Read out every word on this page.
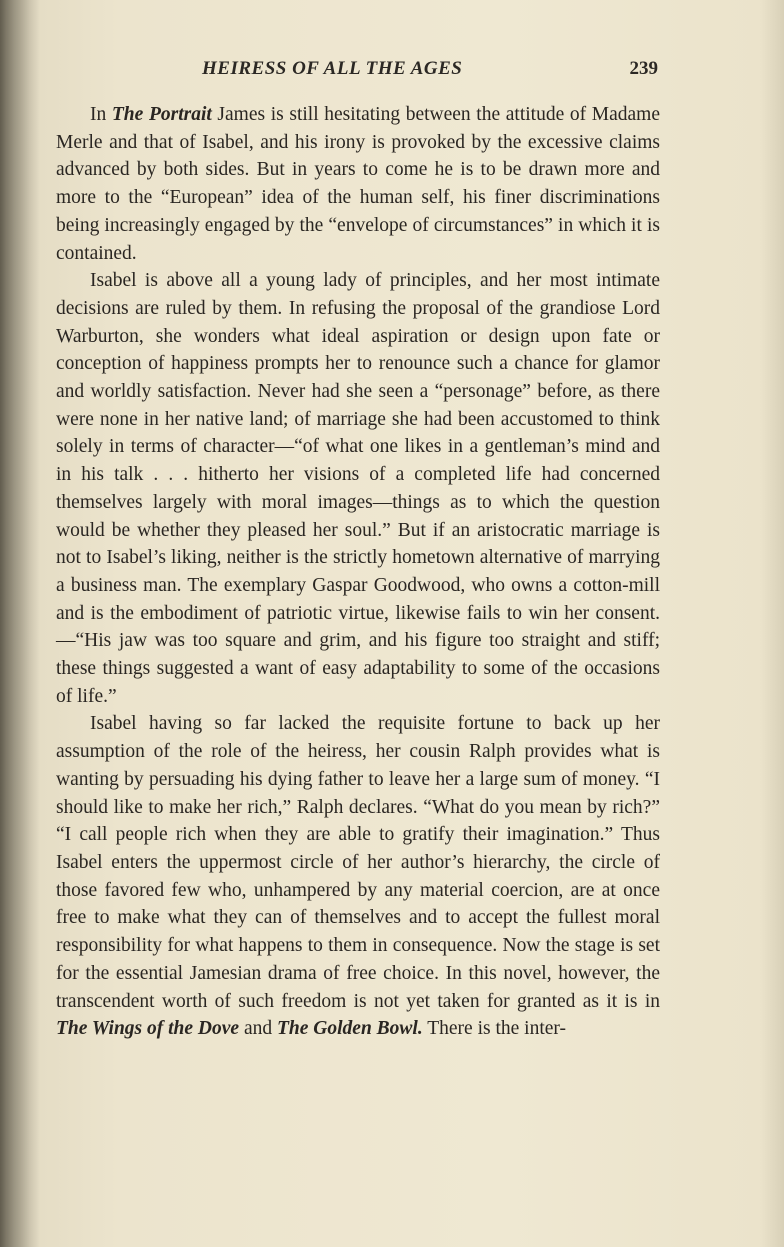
HEIRESS OF ALL THE AGES	239

In The Portrait James is still hesitating between the attitude of Madame Merle and that of Isabel, and his irony is provoked by the excessive claims advanced by both sides. But in years to come he is to be drawn more and more to the “European” idea of the human self, his finer discriminations being increasingly engaged by the “envelope of circumstances” in which it is contained.

Isabel is above all a young lady of principles, and her most intimate decisions are ruled by them. In refusing the proposal of the grandiose Lord Warburton, she wonders what ideal aspiration or design upon fate or conception of happiness prompts her to renounce such a chance for glamor and worldly satisfaction. Never had she seen a “personage” before, as there were none in her native land; of marriage she had been accustomed to think solely in terms of character—“of what one likes in a gentleman’s mind and in his talk . . . hitherto her visions of a completed life had concerned themselves largely with moral images—things as to which the question would be whether they pleased her soul.” But if an aristocratic marriage is not to Isabel’s liking, neither is the strictly hometown alternative of marrying a business man. The exemplary Gaspar Goodwood, who owns a cotton-mill and is the embodiment of patriotic virtue, likewise fails to win her consent.—“His jaw was too square and grim, and his figure too straight and stiff; these things suggested a want of easy adaptability to some of the occasions of life.”

Isabel having so far lacked the requisite fortune to back up her assumption of the role of the heiress, her cousin Ralph provides what is wanting by persuading his dying father to leave her a large sum of money. “I should like to make her rich,” Ralph declares. “What do you mean by rich?” “I call people rich when they are able to gratify their imagination.” Thus Isabel enters the uppermost circle of her author’s hierarchy, the circle of those favored few who, unhampered by any material coercion, are at once free to make what they can of themselves and to accept the fullest moral responsibility for what happens to them in consequence. Now the stage is set for the essential Jamesian drama of free choice. In this novel, however, the transcendent worth of such freedom is not yet taken for granted as it is in The Wings of the Dove and The Golden Bowl. There is the inter-
